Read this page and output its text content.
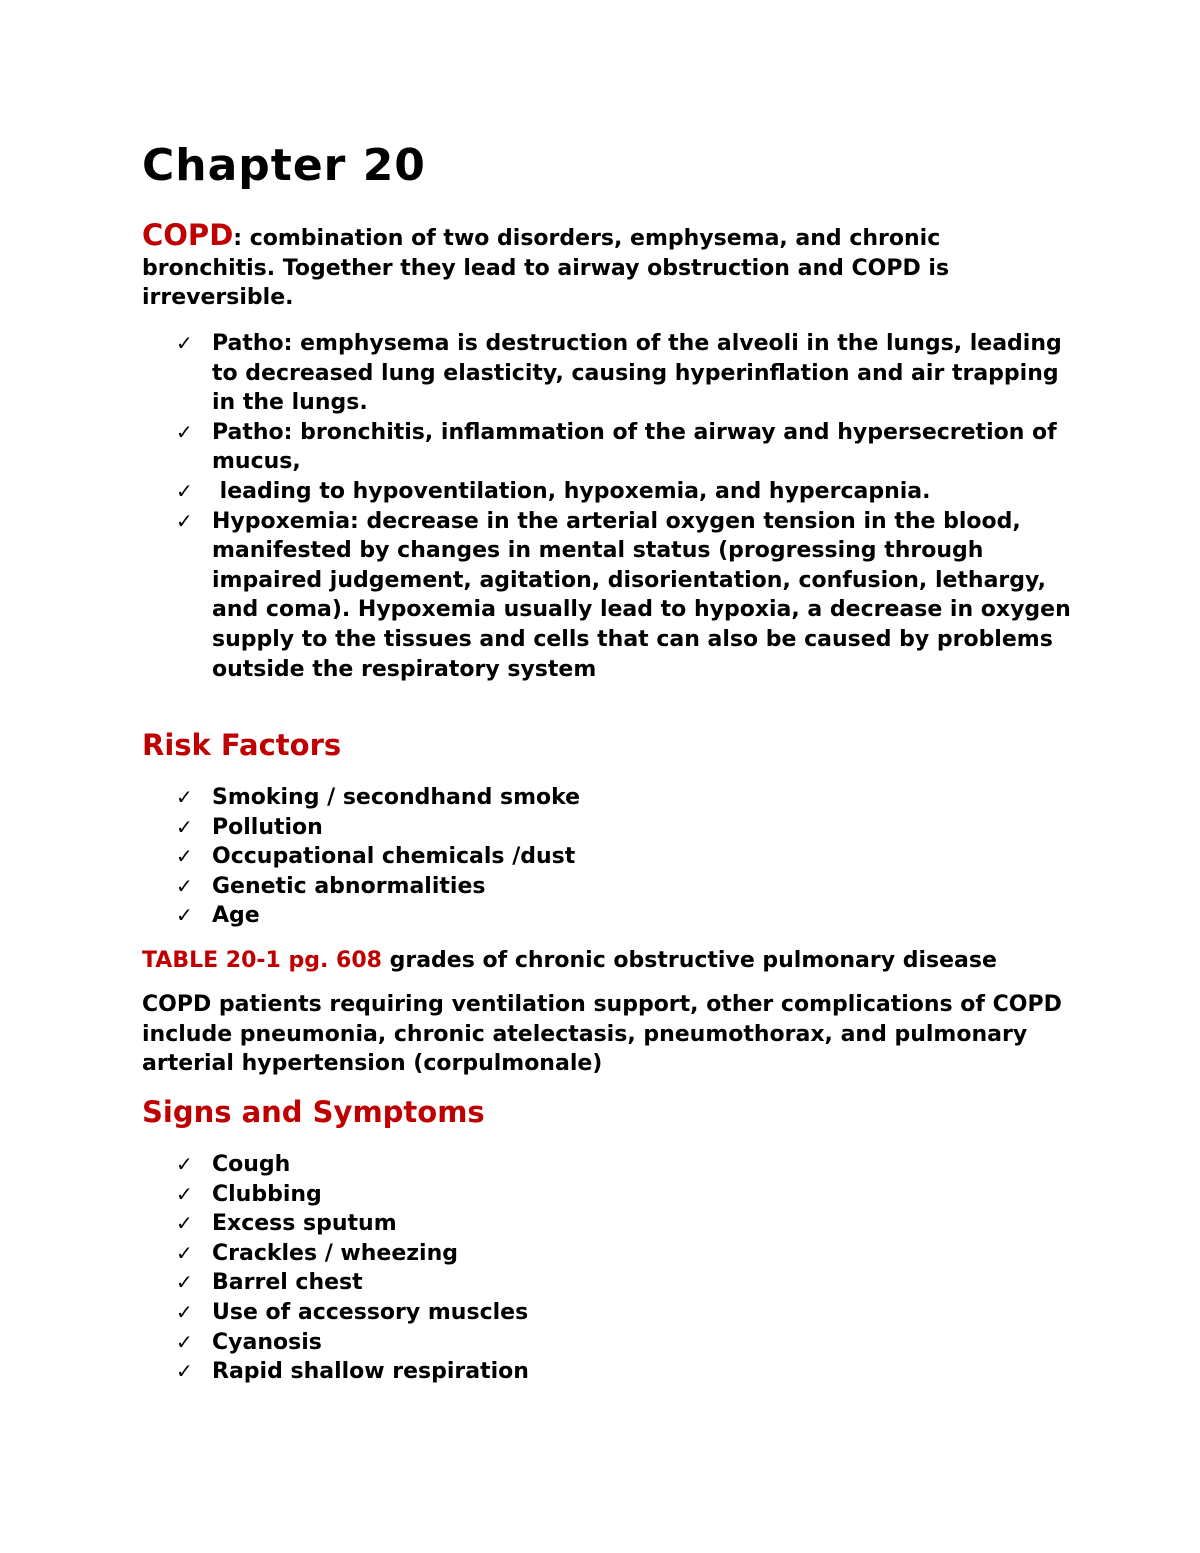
Chapter 20

COPD: combination of two disorders, emphysema, and chronic bronchitis. Together they lead to airway obstruction and COPD is irreversible.

✓ Patho: emphysema is destruction of the alveoli in the lungs, leading to decreased lung elasticity, causing hyperinflation and air trapping in the lungs.
✓ Patho: bronchitis, inflammation of the airway and hypersecretion of mucus,
✓ leading to hypoventilation, hypoxemia, and hypercapnia.
✓ Hypoxemia: decrease in the arterial oxygen tension in the blood, manifested by changes in mental status (progressing through impaired judgement, agitation, disorientation, confusion, lethargy, and coma). Hypoxemia usually lead to hypoxia, a decrease in oxygen supply to the tissues and cells that can also be caused by problems outside the respiratory system
Risk Factors
✓ Smoking / secondhand smoke
✓ Pollution
✓ Occupational chemicals /dust
✓ Genetic abnormalities
✓ Age

TABLE 20-1 pg. 608 grades of chronic obstructive pulmonary disease

COPD patients requiring ventilation support, other complications of COPD include pneumonia, chronic atelectasis, pneumothorax, and pulmonary arterial hypertension (corpulmonale)

Signs and Symptoms
✓ Cough
✓ Clubbing
✓ Excess sputum
✓ Crackles / wheezing
✓ Barrel chest
✓ Use of accessory muscles
✓ Cyanosis
✓ Rapid shallow respiration
